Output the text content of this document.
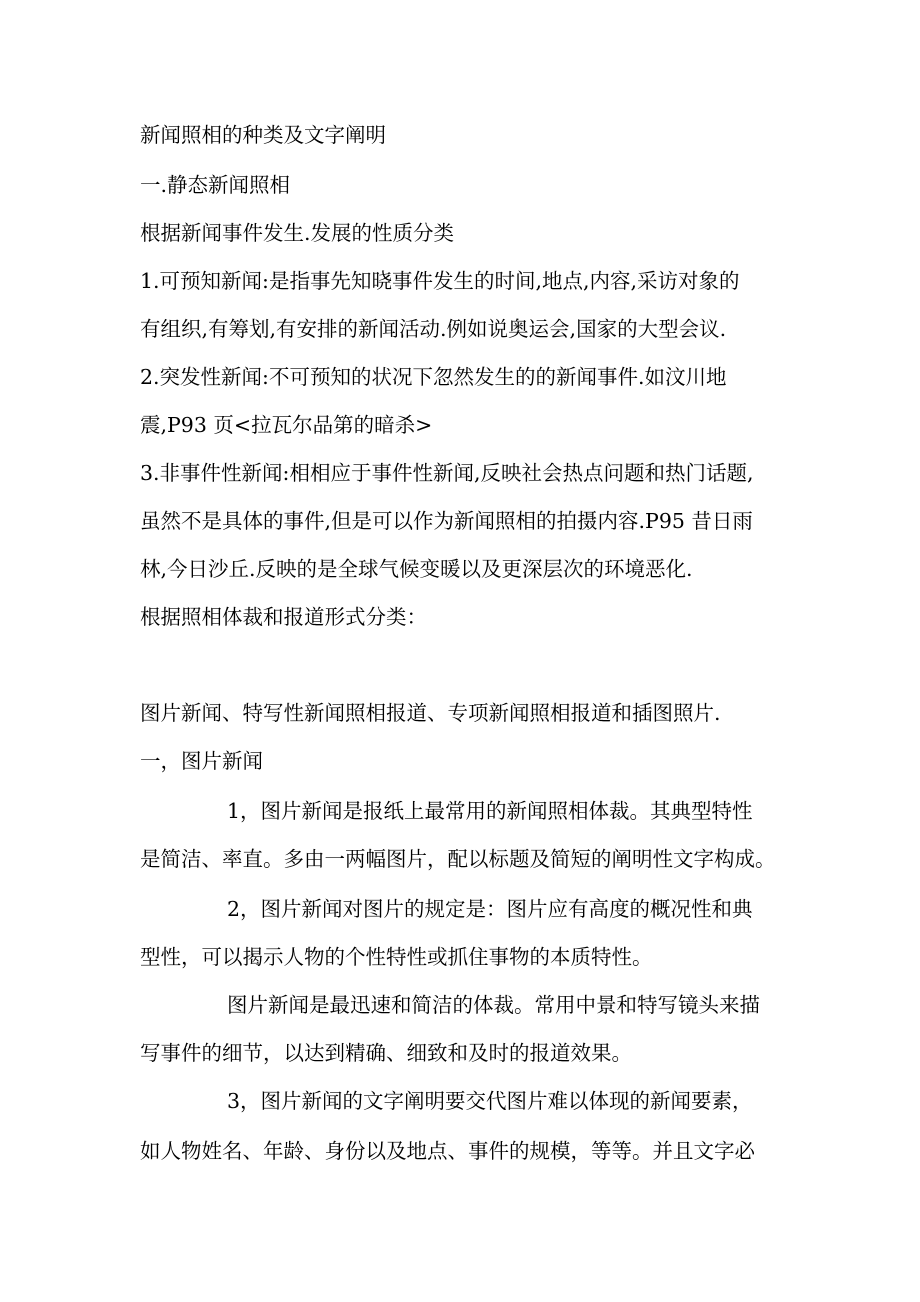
新闻照相的种类及文字阐明
一.静态新闻照相
根据新闻事件发生.发展的性质分类
1.可预知新闻:是指事先知晓事件发生的时间,地点,内容,采访对象的
有组织,有筹划,有安排的新闻活动.例如说奥运会,国家的大型会议.
2.突发性新闻:不可预知的状况下忽然发生的的新闻事件.如汶川地
震,P93 页<拉瓦尔品第的暗杀>
3.非事件性新闻:相相应于事件性新闻,反映社会热点问题和热门话题,
虽然不是具体的事件,但是可以作为新闻照相的拍摄内容.P95 昔日雨
林,今日沙丘.反映的是全球气候变暖以及更深层次的环境恶化.
根据照相体裁和报道形式分类：
图片新闻、特写性新闻照相报道、专项新闻照相报道和插图照片.
一，图片新闻
1，图片新闻是报纸上最常用的新闻照相体裁。其典型特性
是简洁、率直。多由一两幅图片，配以标题及简短的阐明性文字构成。
2，图片新闻对图片的规定是：图片应有高度的概况性和典
型性，可以揭示人物的个性特性或抓住事物的本质特性。
图片新闻是最迅速和简洁的体裁。常用中景和特写镜头来描
写事件的细节，以达到精确、细致和及时的报道效果。
3，图片新闻的文字阐明要交代图片难以体现的新闻要素，
如人物姓名、年龄、身份以及地点、事件的规模，等等。并且文字必
